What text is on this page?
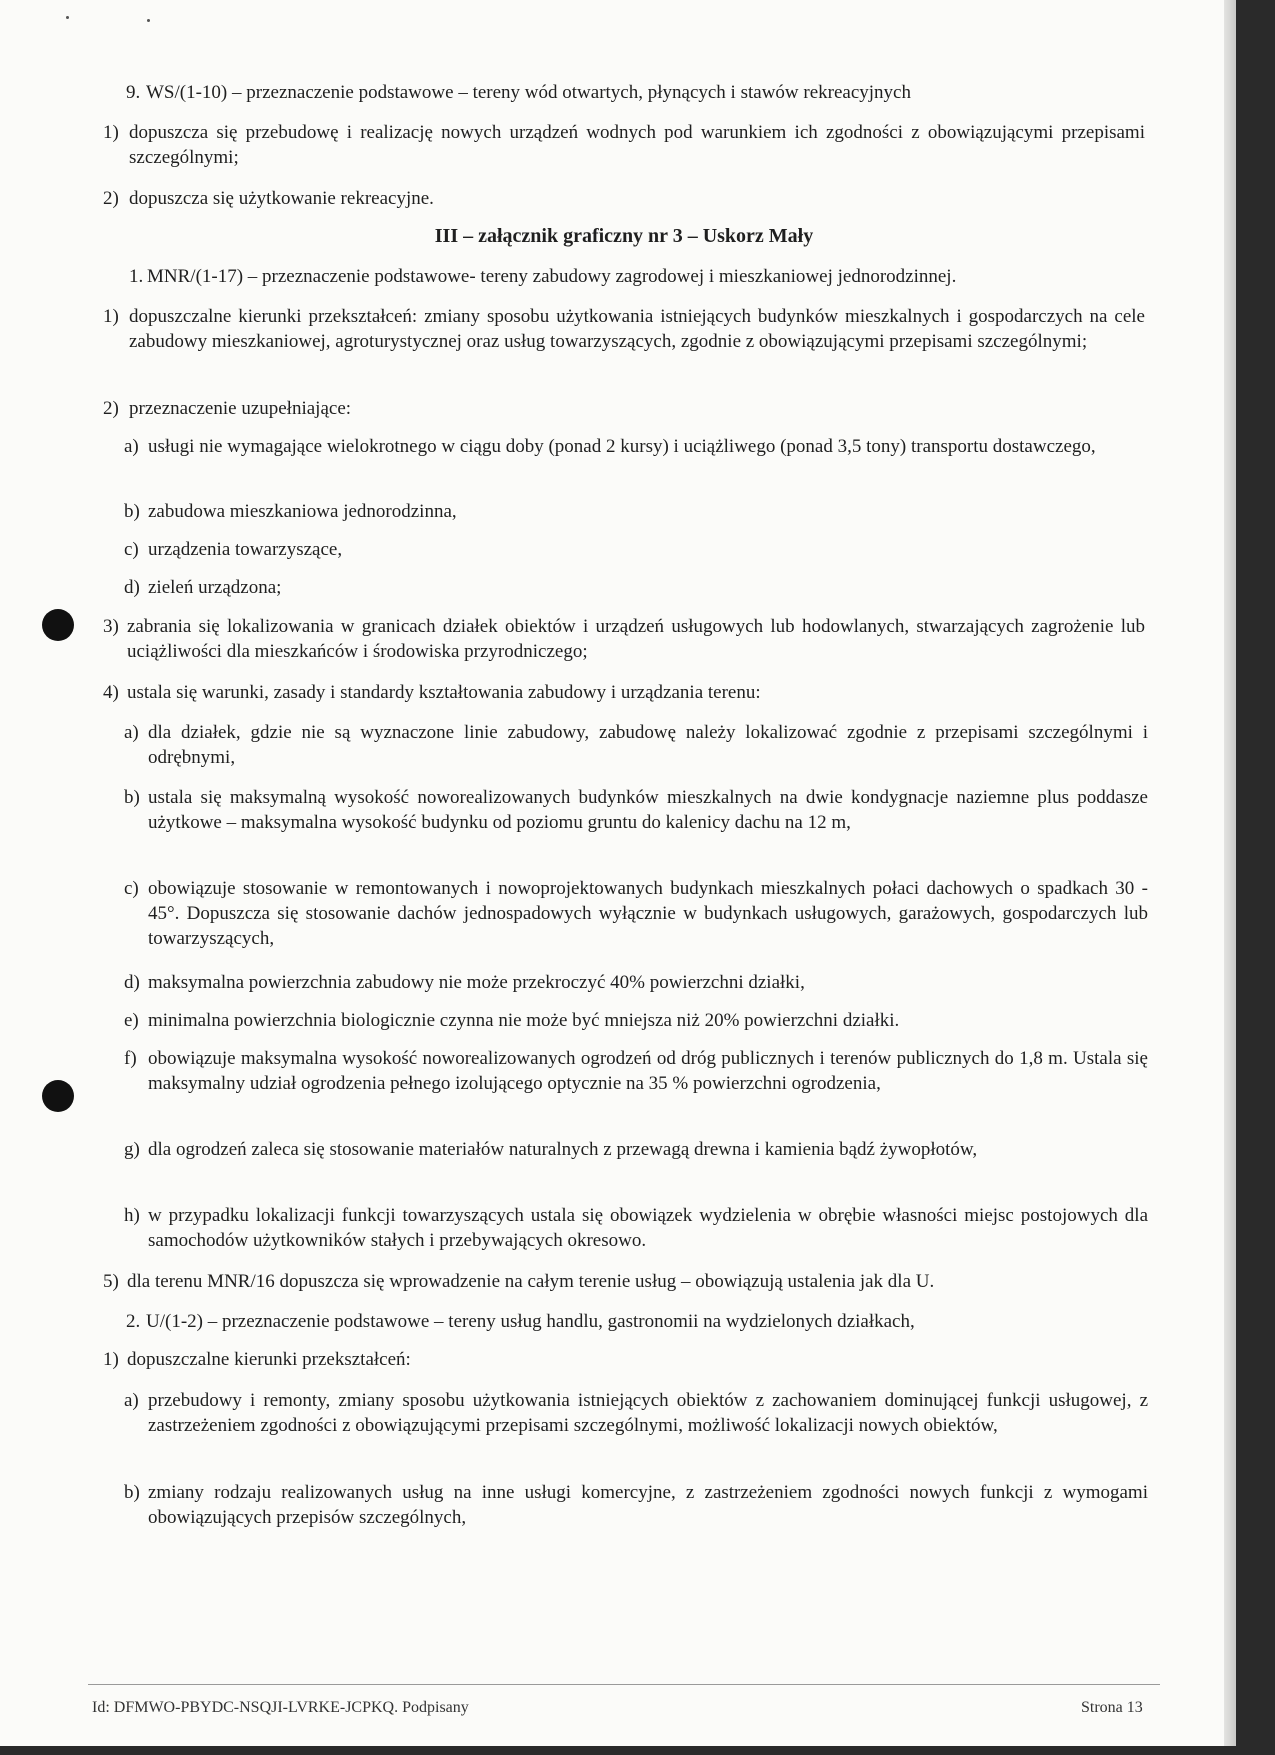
9. WS/(1-10) – przeznaczenie podstawowe – tereny wód otwartych, płynących i stawów rekreacyjnych

1) dopuszcza się przebudowę i realizację nowych urządzeń wodnych pod warunkiem ich zgodności z obowiązującymi przepisami szczególnymi;

2) dopuszcza się użytkowanie rekreacyjne.

III – załącznik graficzny nr 3 – Uskorz Mały

1. MNR/(1-17) – przeznaczenie podstawowe- tereny zabudowy zagrodowej i mieszkaniowej jednorodzinnej.

1) dopuszczalne kierunki przekształceń: zmiany sposobu użytkowania istniejących budynków mieszkalnych i gospodarczych na cele zabudowy mieszkaniowej, agroturystycznej oraz usług towarzyszących, zgodnie z obowiązującymi przepisami szczególnymi;

2) przeznaczenie uzupełniające:

a) usługi nie wymagające wielokrotnego w ciągu doby (ponad 2 kursy) i uciążliwego (ponad 3,5 tony) transportu dostawczego,

b) zabudowa mieszkaniowa jednorodzinna,

c) urządzenia towarzyszące,

d) zieleń urządzona;

3) zabrania się lokalizowania w granicach działek obiektów i urządzeń usługowych lub hodowlanych, stwarzających zagrożenie lub uciążliwości dla mieszkańców i środowiska przyrodniczego;

4) ustala się warunki, zasady i standardy kształtowania zabudowy i urządzania terenu:

a) dla działek, gdzie nie są wyznaczone linie zabudowy, zabudowę należy lokalizować zgodnie z przepisami szczególnymi i odrębnymi,

b) ustala się maksymalną wysokość noworealizowanych budynków mieszkalnych na dwie kondygnacje naziemne plus poddasze użytkowe – maksymalna wysokość budynku od poziomu gruntu do kalenicy dachu na 12 m,

c) obowiązuje stosowanie w remontowanych i nowoprojektowanych budynkach mieszkalnych połaci dachowych o spadkach 30 - 45°. Dopuszcza się stosowanie dachów jednospadowych wyłącznie w budynkach usługowych, garażowych, gospodarczych lub towarzyszących,

d) maksymalna powierzchnia zabudowy nie może przekroczyć 40% powierzchni działki,

e) minimalna powierzchnia biologicznie czynna nie może być mniejsza niż 20% powierzchni działki.

f) obowiązuje maksymalna wysokość noworealizowanych ogrodzeń od dróg publicznych i terenów publicznych do 1,8 m. Ustala się maksymalny udział ogrodzenia pełnego izolującego optycznie na 35 % powierzchni ogrodzenia,

g) dla ogrodzeń zaleca się stosowanie materiałów naturalnych z przewagą drewna i kamienia bądź żywopłotów,

h) w przypadku lokalizacji funkcji towarzyszących ustala się obowiązek wydzielenia w obrębie własności miejsc postojowych dla samochodów użytkowników stałych i przebywających okresowo.

5) dla terenu MNR/16 dopuszcza się wprowadzenie na całym terenie usług – obowiązują ustalenia jak dla U.

2. U/(1-2) – przeznaczenie podstawowe – tereny usług handlu, gastronomii na wydzielonych działkach,

1) dopuszczalne kierunki przekształceń:

a) przebudowy i remonty, zmiany sposobu użytkowania istniejących obiektów z zachowaniem dominującej funkcji usługowej, z zastrzeżeniem zgodności z obowiązującymi przepisami szczególnymi, możliwość lokalizacji nowych obiektów,

b) zmiany rodzaju realizowanych usług na inne usługi komercyjne, z zastrzeżeniem zgodności nowych funkcji z wymogami obowiązujących przepisów szczególnych,

Id: DFMWO-PBYDC-NSQJI-LVRKE-JCPKQ. Podpisany	Strona 13
